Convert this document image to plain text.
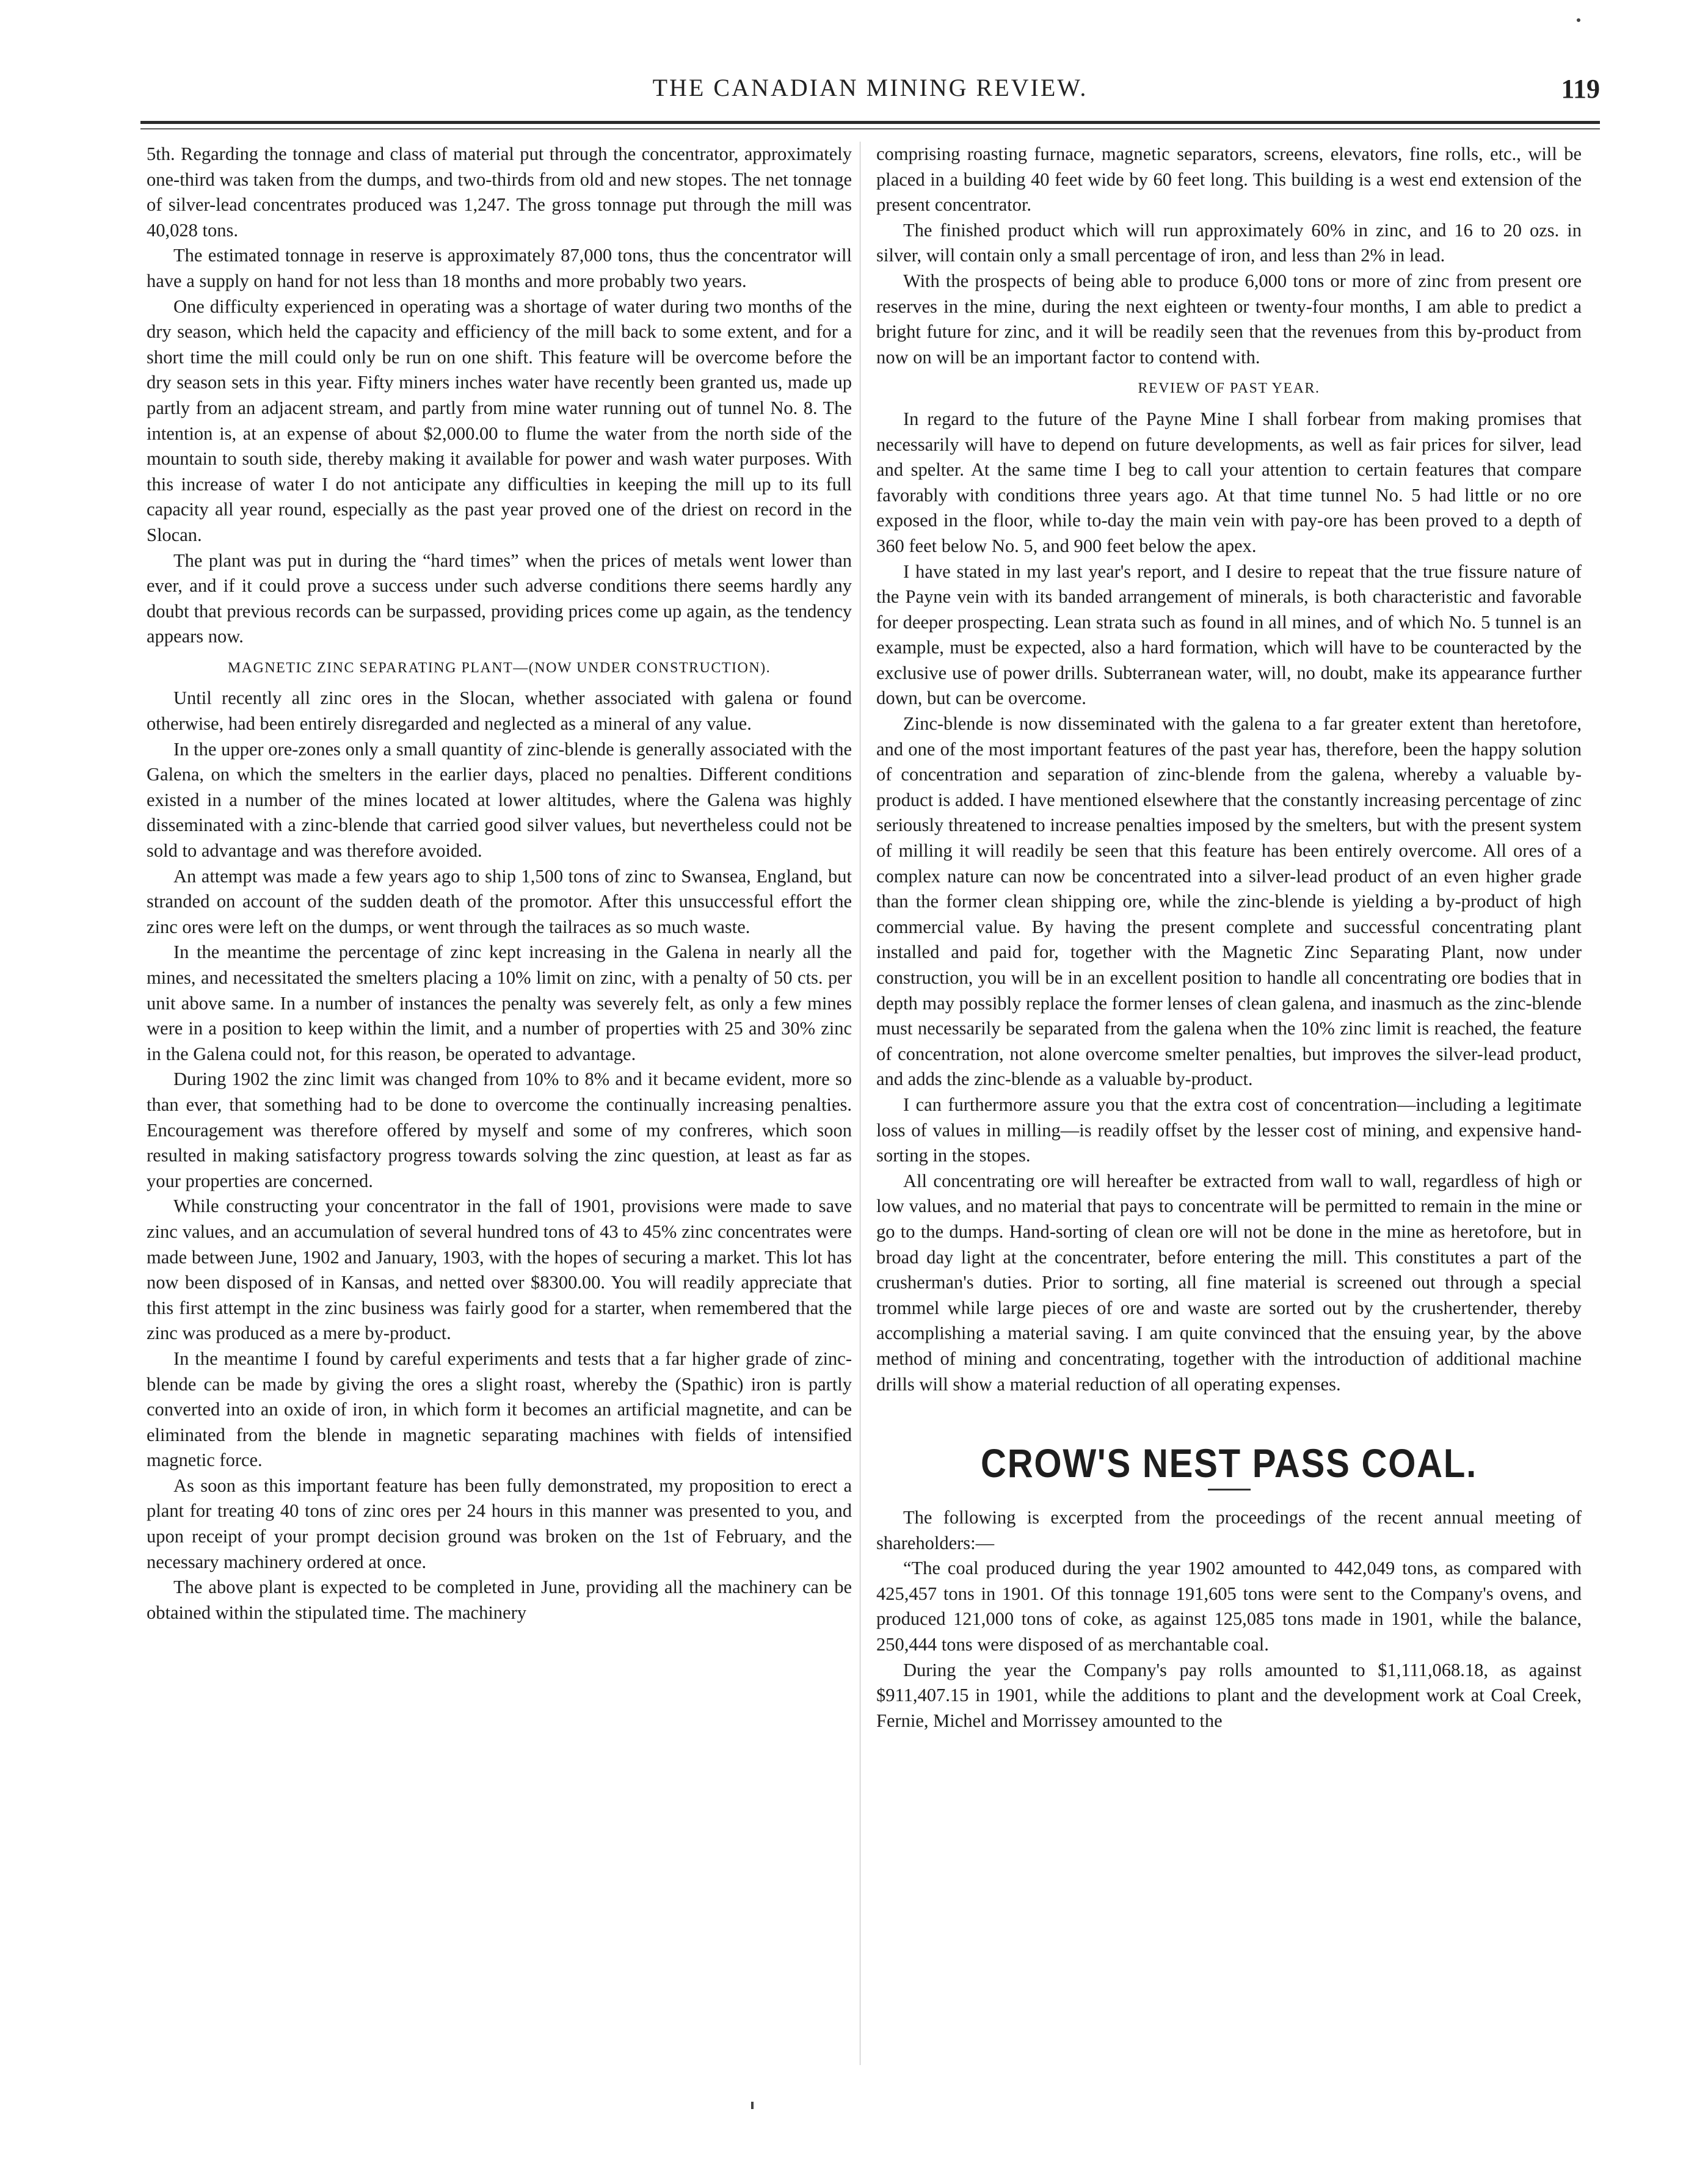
THE CANADIAN MINING REVIEW.	119

5th. Regarding the tonnage and class of material put through the concentrator, approximately one-third was taken from the dumps, and two-thirds from old and new stopes. The net tonnage of silver-lead concentrates produced was 1,247. The gross tonnage put through the mill was 40,028 tons.

The estimated tonnage in reserve is approximately 87,000 tons, thus the concentrator will have a supply on hand for not less than 18 months and more probably two years.

One difficulty experienced in operating was a shortage of water during two months of the dry season, which held the capacity and efficiency of the mill back to some extent, and for a short time the mill could only be run on one shift. This feature will be overcome before the dry season sets in this year. Fifty miners inches water have recently been granted us, made up partly from an adjacent stream, and partly from mine water running out of tunnel No. 8. The intention is, at an expense of about $2,000.00 to flume the water from the north side of the mountain to south side, thereby making it available for power and wash water purposes. With this increase of water I do not anticipate any difficulties in keeping the mill up to its full capacity all year round, especially as the past year proved one of the driest on record in the Slocan.

The plant was put in during the “hard times” when the prices of metals went lower than ever, and if it could prove a success under such adverse conditions there seems hardly any doubt that previous records can be surpassed, providing prices come up again, as the tendency appears now.

MAGNETIC ZINC SEPARATING PLANT—(NOW UNDER CONSTRUCTION).

Until recently all zinc ores in the Slocan, whether associated with galena or found otherwise, had been entirely disregarded and neglected as a mineral of any value.

In the upper ore-zones only a small quantity of zinc-blende is generally associated with the Galena, on which the smelters in the earlier days, placed no penalties. Different conditions existed in a number of the mines located at lower altitudes, where the Galena was highly disseminated with a zinc-blende that carried good silver values, but nevertheless could not be sold to advantage and was therefore avoided.

An attempt was made a few years ago to ship 1,500 tons of zinc to Swansea, England, but stranded on account of the sudden death of the promotor. After this unsuccessful effort the zinc ores were left on the dumps, or went through the tailraces as so much waste.

In the meantime the percentage of zinc kept increasing in the Galena in nearly all the mines, and necessitated the smelters placing a 10% limit on zinc, with a penalty of 50 cts. per unit above same. In a number of instances the penalty was severely felt, as only a few mines were in a position to keep within the limit, and a number of properties with 25 and 30% zinc in the Galena could not, for this reason, be operated to advantage.

During 1902 the zinc limit was changed from 10% to 8% and it became evident, more so than ever, that something had to be done to overcome the continually increasing penalties. Encouragement was therefore offered by myself and some of my confreres, which soon resulted in making satisfactory progress towards solving the zinc question, at least as far as your properties are concerned.

While constructing your concentrator in the fall of 1901, provisions were made to save zinc values, and an accumulation of several hundred tons of 43 to 45% zinc concentrates were made between June, 1902 and January, 1903, with the hopes of securing a market. This lot has now been disposed of in Kansas, and netted over $8300.00. You will readily appreciate that this first attempt in the zinc business was fairly good for a starter, when remembered that the zinc was produced as a mere by-product.

In the meantime I found by careful experiments and tests that a far higher grade of zinc-blende can be made by giving the ores a slight roast, whereby the (Spathic) iron is partly converted into an oxide of iron, in which form it becomes an artificial magnetite, and can be eliminated from the blende in magnetic separating machines with fields of intensified magnetic force.

As soon as this important feature has been fully demonstrated, my proposition to erect a plant for treating 40 tons of zinc ores per 24 hours in this manner was presented to you, and upon receipt of your prompt decision ground was broken on the 1st of February, and the necessary machinery ordered at once.

The above plant is expected to be completed in June, providing all the machinery can be obtained within the stipulated time. The machinery

comprising roasting furnace, magnetic separators, screens, elevators, fine rolls, etc., will be placed in a building 40 feet wide by 60 feet long. This building is a west end extension of the present concentrator.

The finished product which will run approximately 60% in zinc, and 16 to 20 ozs. in silver, will contain only a small percentage of iron, and less than 2% in lead.

With the prospects of being able to produce 6,000 tons or more of zinc from present ore reserves in the mine, during the next eighteen or twenty-four months, I am able to predict a bright future for zinc, and it will be readily seen that the revenues from this by-product from now on will be an important factor to contend with.

REVIEW OF PAST YEAR.

In regard to the future of the Payne Mine I shall forbear from making promises that necessarily will have to depend on future developments, as well as fair prices for silver, lead and spelter. At the same time I beg to call your attention to certain features that compare favorably with conditions three years ago. At that time tunnel No. 5 had little or no ore exposed in the floor, while to-day the main vein with pay-ore has been proved to a depth of 360 feet below No. 5, and 900 feet below the apex.

I have stated in my last year's report, and I desire to repeat that the true fissure nature of the Payne vein with its banded arrangement of minerals, is both characteristic and favorable for deeper prospecting. Lean strata such as found in all mines, and of which No. 5 tunnel is an example, must be expected, also a hard formation, which will have to be counteracted by the exclusive use of power drills. Subterranean water, will, no doubt, make its appearance further down, but can be overcome.

Zinc-blende is now disseminated with the galena to a far greater extent than heretofore, and one of the most important features of the past year has, therefore, been the happy solution of concentration and separation of zinc-blende from the galena, whereby a valuable by-product is added. I have mentioned elsewhere that the constantly increasing percentage of zinc seriously threatened to increase penalties imposed by the smelters, but with the present system of milling it will readily be seen that this feature has been entirely overcome. All ores of a complex nature can now be concentrated into a silver-lead product of an even higher grade than the former clean shipping ore, while the zinc-blende is yielding a by-product of high commercial value. By having the present complete and successful concentrating plant installed and paid for, together with the Magnetic Zinc Separating Plant, now under construction, you will be in an excellent position to handle all concentrating ore bodies that in depth may possibly replace the former lenses of clean galena, and inasmuch as the zinc-blende must necessarily be separated from the galena when the 10% zinc limit is reached, the feature of concentration, not alone overcome smelter penalties, but improves the silver-lead product, and adds the zinc-blende as a valuable by-product.

I can furthermore assure you that the extra cost of concentration—including a legitimate loss of values in milling—is readily offset by the lesser cost of mining, and expensive hand-sorting in the stopes.

All concentrating ore will hereafter be extracted from wall to wall, regardless of high or low values, and no material that pays to concentrate will be permitted to remain in the mine or go to the dumps. Hand-sorting of clean ore will not be done in the mine as heretofore, but in broad day light at the concentrater, before entering the mill. This constitutes a part of the crusherman's duties. Prior to sorting, all fine material is screened out through a special trommel while large pieces of ore and waste are sorted out by the crushertender, thereby accomplishing a material saving. I am quite convinced that the ensuing year, by the above method of mining and concentrating, together with the introduction of additional machine drills will show a material reduction of all operating expenses.

CROW'S NEST PASS COAL.

The following is excerpted from the proceedings of the recent annual meeting of shareholders:—

“The coal produced during the year 1902 amounted to 442,049 tons, as compared with 425,457 tons in 1901. Of this tonnage 191,605 tons were sent to the Company's ovens, and produced 121,000 tons of coke, as against 125,085 tons made in 1901, while the balance, 250,444 tons were disposed of as merchantable coal.

During the year the Company's pay rolls amounted to $1,111,068.18, as against $911,407.15 in 1901, while the additions to plant and the development work at Coal Creek, Fernie, Michel and Morrissey amounted to the
